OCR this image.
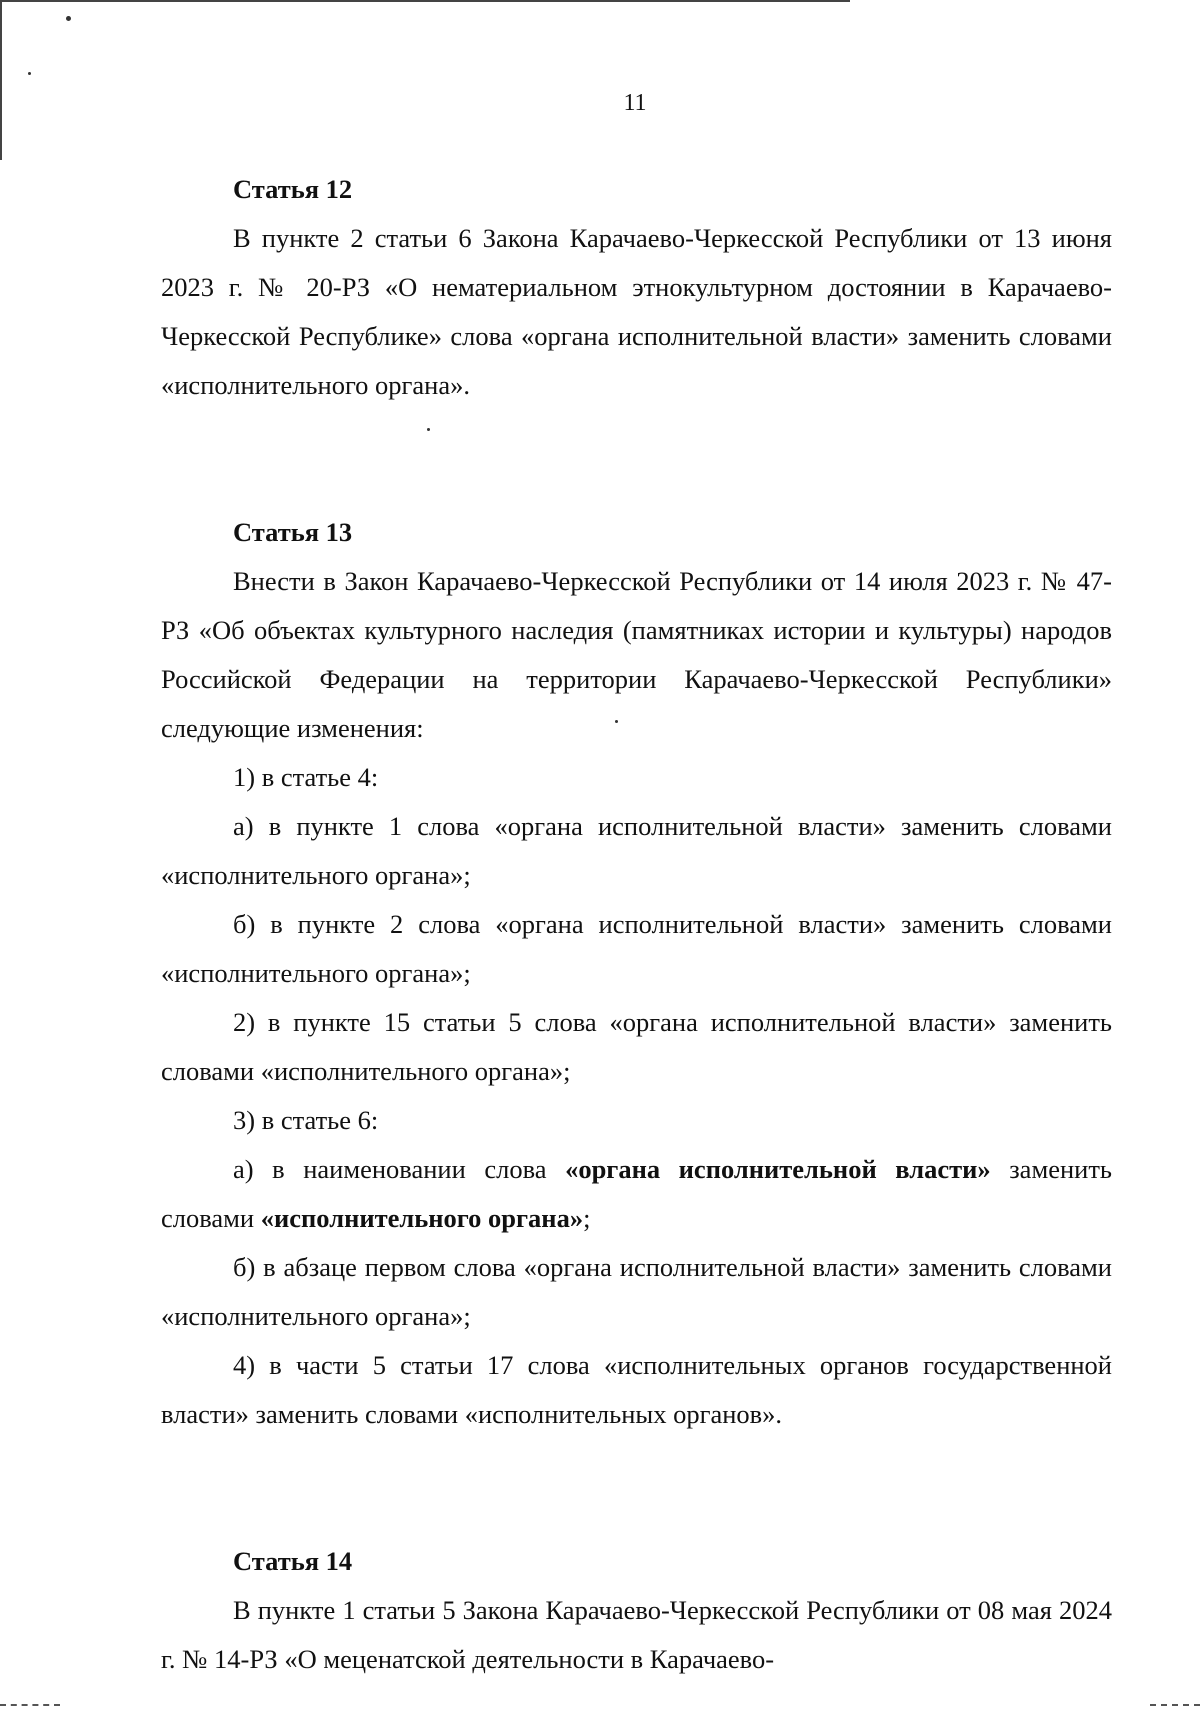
11

Статья 12

В пункте 2 статьи 6 Закона Карачаево-Черкесской Республики от 13 июня 2023 г. № 20-РЗ «О нематериальном этнокультурном достоянии в Карачаево-Черкесской Республике» слова «органа исполнительной власти» заменить словами «исполнительного органа».

Статья 13

Внести в Закон Карачаево-Черкесской Республики от 14 июля 2023 г. № 47-РЗ «Об объектах культурного наследия (памятниках истории и культуры) народов Российской Федерации на территории Карачаево-Черкесской Республики» следующие изменения:

1) в статье 4:

а) в пункте 1 слова «органа исполнительной власти» заменить словами «исполнительного органа»;

б) в пункте 2 слова «органа исполнительной власти» заменить словами «исполнительного органа»;

2) в пункте 15 статьи 5 слова «органа исполнительной власти» заменить словами «исполнительного органа»;

3) в статье 6:

а) в наименовании слова «органа исполнительной власти» заменить словами «исполнительного органа»;

б) в абзаце первом слова «органа исполнительной власти» заменить словами «исполнительного органа»;

4) в части 5 статьи 17 слова «исполнительных органов государственной власти» заменить словами «исполнительных органов».

Статья 14

В пункте 1 статьи 5 Закона Карачаево-Черкесской Республики от 08 мая 2024 г. № 14-РЗ «О меценатской деятельности в Карачаево-
